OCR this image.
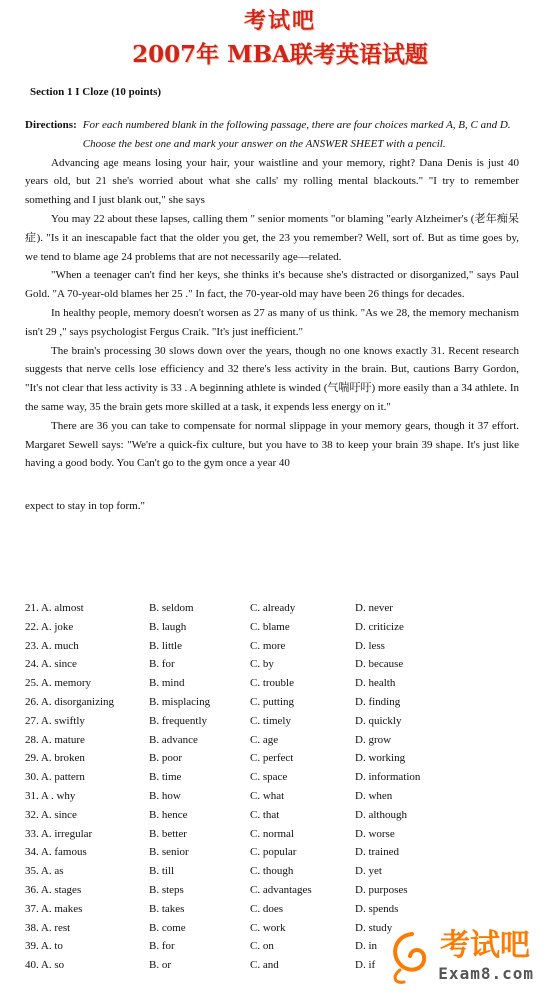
考试吧
2007年 MBA联考英语试题
Section 1 I Cloze (10 points)
Directions: For each numbered blank in the following passage, there are four choices marked A, B, C and D. Choose the best one and mark your answer on the ANSWER SHEET with a pencil.

Advancing age means losing your hair, your waistline and your memory, right? Dana Denis is just 40 years old, but 21 she's worried about what she calls' my rolling mental blackouts." "I try to remember something and I just blank out," she says

You may 22 about these lapses, calling them " senior moments "or blaming "early Alzheimer's (老年痴呆症). "Is it an inescapable fact that the older you get, the 23 you remember? Well, sort of. But as time goes by, we tend to blame age 24 problems that are not necessarily age—related.

"When a teenager can't find her keys, she thinks it's because she's distracted or disorganized," says Paul Gold. "A 70-year-old blames her 25 ." In fact, the 70-year-old may have been 26 things for decades.

In healthy people, memory doesn't worsen as 27 as many of us think. "As we 28, the memory mechanism isn't 29 ," says psychologist Fergus Craik. "It's just inefficient."

The brain's processing 30 slows down over the years, though no one knows exactly 31. Recent research suggests that nerve cells lose efficiency and 32 there's less activity in the brain. But, cautions Barry Gordon, "It's not clear that less activity is 33 . A beginning athlete is winded (气喘吁吁) more easily than a 34 athlete. In the same way, 35 the brain gets more skilled at a task, it expends less energy on it."

There are 36 you can take to compensate for normal slippage in your memory gears, though it 37 effort. Margaret Sewell says: "We're a quick-fix culture, but you have to 38 to keep your brain 39 shape. It's just like having a good body. You Can't go to the gym once a year 40

expect to stay in top form."

21. A. almost	B. seldom	C. already	D. never
22. A. joke	B. laugh	C. blame	D. criticize
23. A. much	B. little	C. more	D. less
24. A. since	B. for	C. by	D. because
25. A. memory	B. mind	C. trouble	D. health
26. A. disorganizing	B. misplacing	C. putting	D. finding
27. A. swiftly	B. frequently	C. timely	D. quickly
28. A. mature	B. advance	C. age	D. grow
29. A. broken	B. poor	C. perfect	D. working
30. A. pattern	B. time	C. space	D. information
31. A . why	B. how	C. what	D. when
32. A. since	B. hence	C. that	D. although
33. A. irregular	B. better	C. normal	D. worse
34. A. famous	B. senior	C. popular	D. trained
35. A. as	B. till	C. though	D. yet
36. A. stages	B. steps	C. advantages	D. purposes
37. A. makes	B. takes	C. does	D. spends
38. A. rest	B. come	C. work	D. study
39. A. to	B. for	C. on	D. in
40. A. so	B. or	C. and	D. if
考试吧
Exam8.com
